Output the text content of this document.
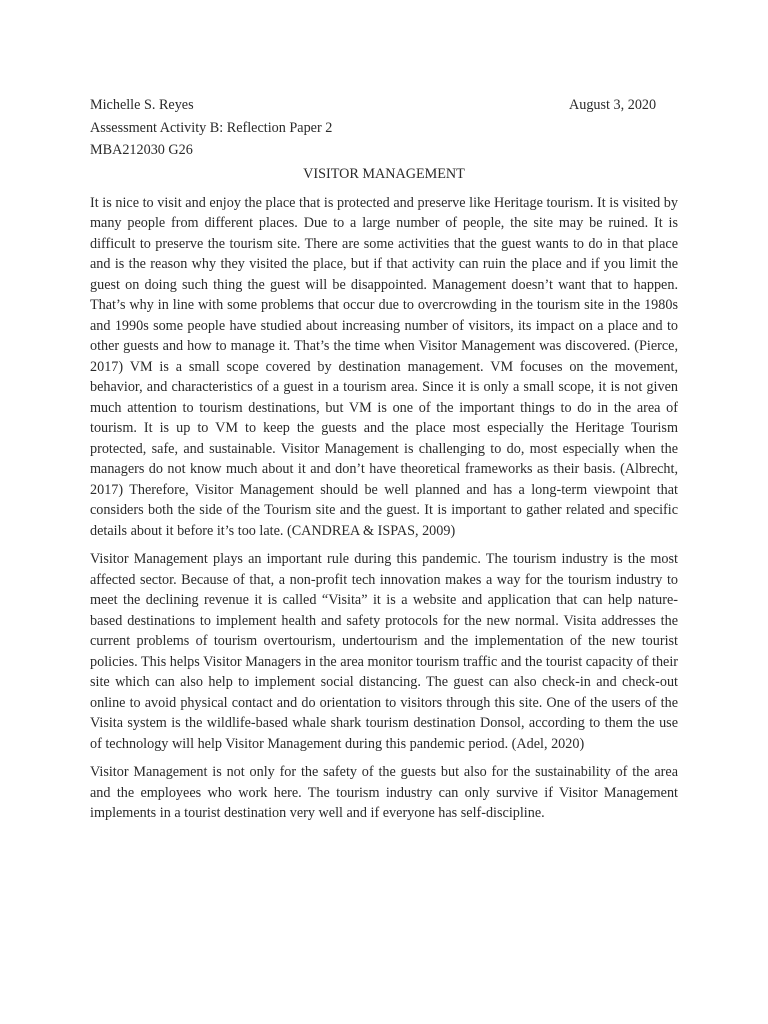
Michelle S. Reyes	August 3, 2020
Assessment Activity B: Reflection Paper 2
MBA212030 G26
VISITOR MANAGEMENT

It is nice to visit and enjoy the place that is protected and preserve like Heritage tourism. It is visited by many people from different places. Due to a large number of people, the site may be ruined. It is difficult to preserve the tourism site. There are some activities that the guest wants to do in that place and is the reason why they visited the place, but if that activity can ruin the place and if you limit the guest on doing such thing the guest will be disappointed. Management doesn’t want that to happen. That’s why in line with some problems that occur due to overcrowding in the tourism site in the 1980s and 1990s some people have studied about increasing number of visitors, its impact on a place and to other guests and how to manage it. That’s the time when Visitor Management was discovered. (Pierce, 2017) VM is a small scope covered by destination management. VM focuses on the movement, behavior, and characteristics of a guest in a tourism area. Since it is only a small scope, it is not given much attention to tourism destinations, but VM is one of the important things to do in the area of tourism. It is up to VM to keep the guests and the place most especially the Heritage Tourism protected, safe, and sustainable. Visitor Management is challenging to do, most especially when the managers do not know much about it and don’t have theoretical frameworks as their basis. (Albrecht, 2017) Therefore, Visitor Management should be well planned and has a long-term viewpoint that considers both the side of the Tourism site and the guest. It is important to gather related and specific details about it before it’s too late. (CANDREA & ISPAS, 2009)

Visitor Management plays an important rule during this pandemic. The tourism industry is the most affected sector. Because of that, a non-profit tech innovation makes a way for the tourism industry to meet the declining revenue it is called “Visita” it is a website and application that can help nature-based destinations to implement health and safety protocols for the new normal. Visita addresses the current problems of tourism overtourism, undertourism and the implementation of the new tourist policies. This helps Visitor Managers in the area monitor tourism traffic and the tourist capacity of their site which can also help to implement social distancing. The guest can also check-in and check-out online to avoid physical contact and do orientation to visitors through this site. One of the users of the Visita system is the wildlife-based whale shark tourism destination Donsol, according to them the use of technology will help Visitor Management during this pandemic period. (Adel, 2020)

Visitor Management is not only for the safety of the guests but also for the sustainability of the area and the employees who work here. The tourism industry can only survive if Visitor Management implements in a tourist destination very well and if everyone has self-discipline.
